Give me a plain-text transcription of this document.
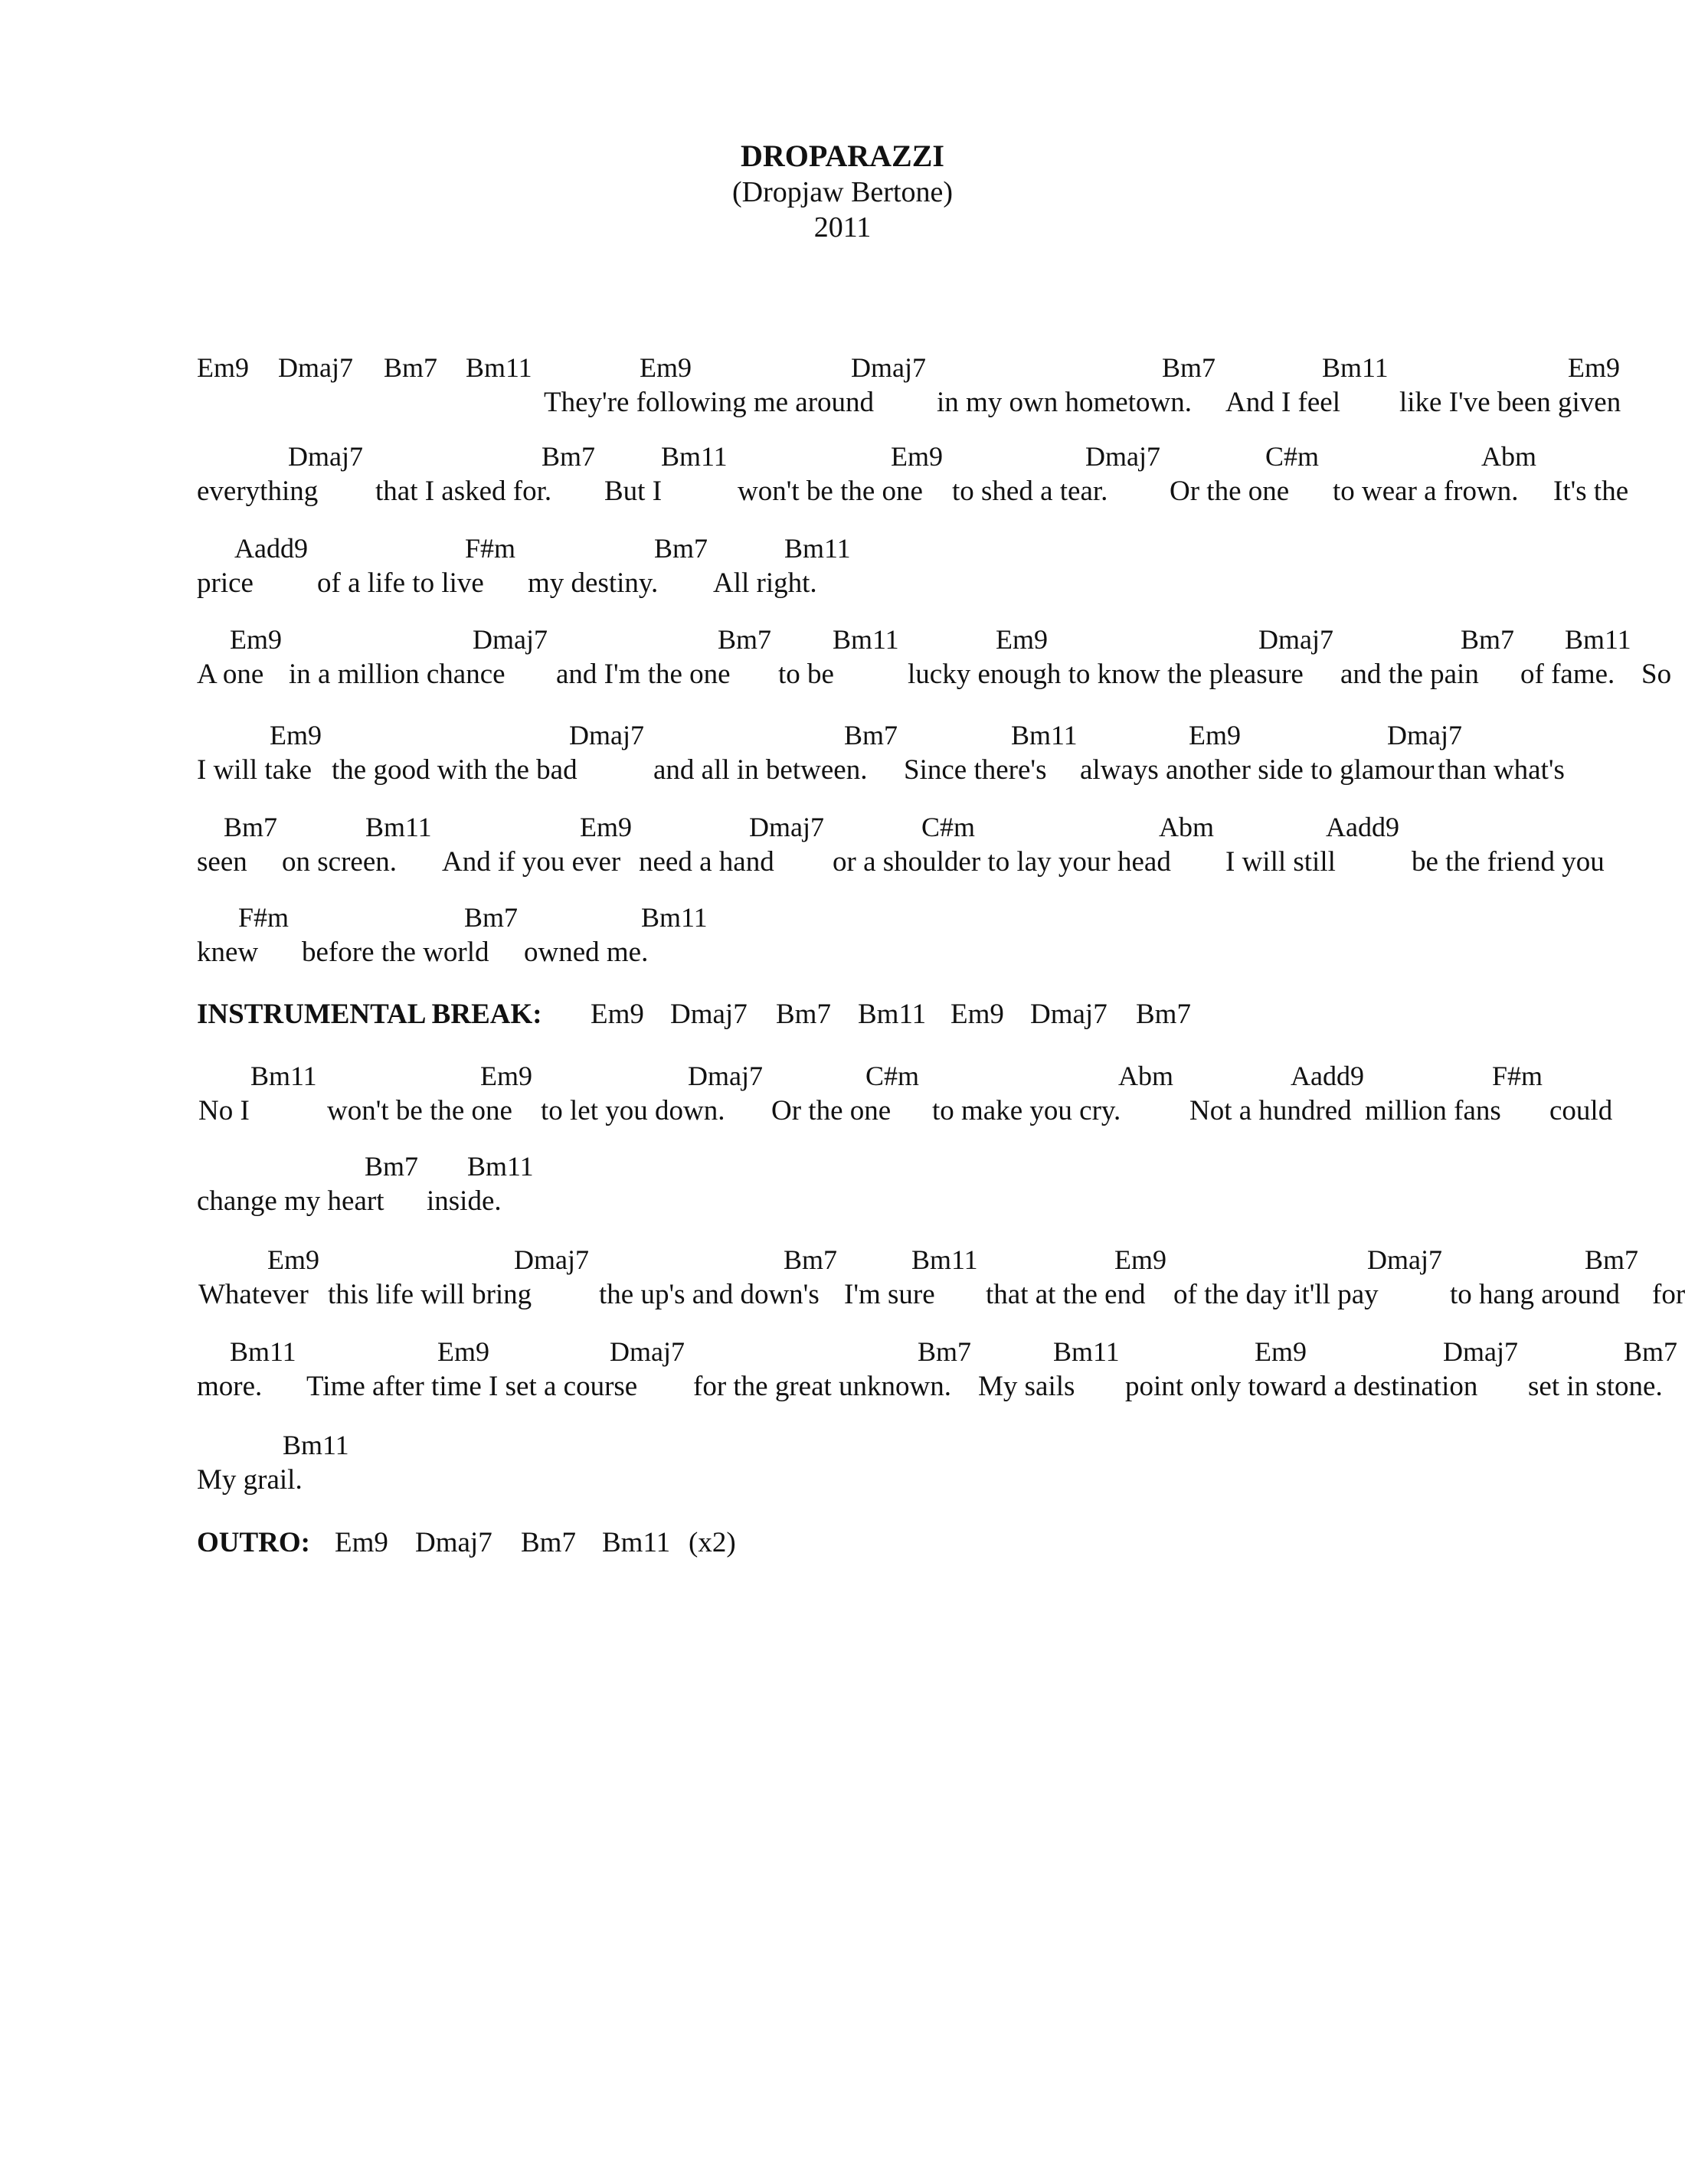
DROPARAZZI
(Dropjaw Bertone)
2011
Em9 Dmaj7 Bm7 Bm11	Em9	Dmaj7	Bm7	Bm11	Em9
They're following me around in my own hometown. And I feel like I've been given
Dmaj7	Bm7 Bm11	Em9	Dmaj7	C#m	Abm
everything that I asked for. But I	won't be the one to shed a tear. Or the one to wear a frown. It's the
Aadd9	F#m	Bm7	Bm11
price of a life to live my destiny. All right.
Em9	Dmaj7	Bm7 Bm11	Em9	Dmaj7	Bm7 Bm11
A one in a million chance and I'm the one to be	lucky enough to know the pleasure and the pain of fame. So
Em9	Dmaj7	Bm7	Bm11	Em9	Dmaj7
I will take the good with the bad	and all in between. Since there's always another side to glamour than what's
Bm7	Bm11	Em9	Dmaj7	C#m	Abm	Aadd9
seen on screen. And if you ever need a hand or a shoulder to lay your head I will still	be the friend you
F#m	Bm7	Bm11
knew before the world owned me.
INSTRUMENTAL BREAK: Em9 Dmaj7 Bm7 Bm11 Em9 Dmaj7 Bm7
Bm11	Em9	Dmaj7	C#m	Abm	Aadd9	F#m
No I	won't be the one to let you down. Or the one to make you cry. Not a hundred million fans could
Bm7 Bm11
change my heart inside.
Em9	Dmaj7	Bm7	Bm11	Em9	Dmaj7	Bm7
Whatever this life will bring the up's and down's I'm sure that at the end of the day it'll pay	to hang around for
Bm11	Em9	Dmaj7	Bm7	Bm11	Em9	Dmaj7	Bm7
more. Time after time I set a course for the great unknown. My sails point only toward a destination set in stone.
Bm11
My grail.
OUTRO: Em9 Dmaj7 Bm7 Bm11 (x2)
